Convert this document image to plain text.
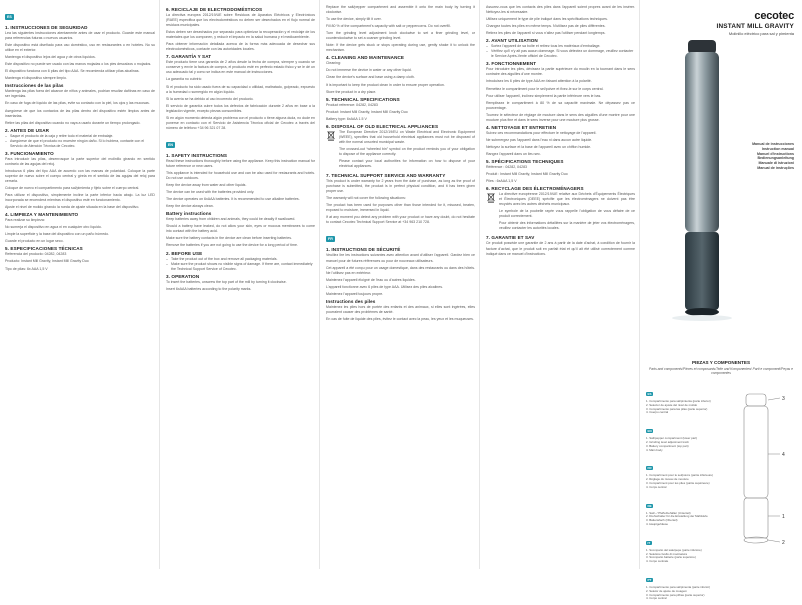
ES
1. INSTRUCCIONES DE SEGURIDAD

Lea las siguientes instrucciones atentamente antes de usar el producto. Guarde este manual para referencias futuras o nuevos usuarios.

Este dispositivo está diseñado para uso doméstico, uso en restaurantes o en hoteles. No su utilice en el exterior.

Mantenga el dispositivo lejos del agua y de otros líquidos.

Este dispositivo no puede ser usado con las manos mojadas o los pies descalzos o mojados.

El dispositivo funciona con 6 pilas del tipo AAA. Se recomienda utilizar pilas alcalinas.

Mantenga el dispositivo siempre limpio.

Instrucciones de las pilas

Mantenga las pilas fuera del alcance de niños y animales, podrían resultar dañinas en caso de ser ingeridas.

En caso de fuga de líquido de las pilas, evite su contacto con la piel, los ojos y las mucosas.

Asegúrese de que los contactos de las pilas dentro del dispositivo estén limpios antes de insertarlas.

Retire las pilas del dispositivo cuando no vaya a usarlo durante un tiempo prolongado.

2. ANTES DE USAR

– Saque el producto de la caja y retire todo el material de embalaje.

– Asegúrese de que el producto no muestre ningún daño. Si lo hubiera, contacte con el Servicio de Atención Técnica de Cecotec.

3. FUNCIONAMIENTO

Para introducir las pilas, desenrosque la parte superior del molinillo girando en sentido contrario de las agujas del reloj.

Introduzca 6 pilas del tipo AAA de acuerdo con las marcas de polaridad. Coloque la parte superior de nuevo sobre el cuerpo central y gírela en el sentido de las agujas del reloj para cerrarla.

Coloque de nuevo el compartimento para sal/pimienta y fíjelo sobre el cuerpo central.

Para utilizar el dispositivo, simplemente incline la parte inferior hacia abajo. La luz LED incorporada se encenderá mientras el dispositivo esté en funcionamiento.

Ajuste el nivel de molido girando la rueda de ajuste situada en la base del dispositivo.

4. LIMPIEZA Y MANTENIMIENTO

Para realizar su limpieza:

No sumerja el dispositivo en agua ni en cualquier otro líquido.

Limpie la superficie y la base del dispositivo con un paño húmedo.

Guarde el producto en un lugar seco.

5. ESPECIFICACIONES TÉCNICAS

Referencia del producto: 04282, 04283

Producto: Instant Mill Gravity, Instant Mill Gravity Duo

Tipo de pilas: 6x AAA 1,5 V

6. RECICLAJE DE ELECTRODOMÉSTICOS

La directiva europea 2012/19/UE sobre Residuos de Aparatos Eléctricos y Electrónicos (RAEE) especifica que los electrodomésticos no deben ser desechados en el flujo normal de residuos municipales.

Estos deben ser desechados por separado para optimizar la recuperación y el reciclaje de los materiales que los componen, y reducir el impacto en la salud humana y el medioambiente.

Para obtener información detallada acerca de la forma más adecuada de desechar sus electrodomésticos, contacte con las autoridades locales.

7. GARANTÍA Y SAT

Este producto tiene una garantía de 2 años desde la fecha de compra, siempre y cuando se conserve y envíe la factura de compra, el producto esté en perfecto estado físico y se le dé un uso adecuado tal y como se indica en este manual de instrucciones.

La garantía no cubrirá:

Si el producto ha sido usado fuera de su capacidad o utilidad, maltratado, golpeado, expuesto a la humedad o sumergido en algún líquido.

Si la avería se ha debido al uso incorrecto del producto.

El servicio de garantía cubre todos los defectos de fabricación durante 2 años en base a la legislación vigente, excepto piezas consumibles.

Si en algún momento detecta algún problema con el producto o tiene alguna duda, no dude en ponerse en contacto con el Servicio de Asistencia Técnica oficial de Cecotec a través del número de teléfono +34 96 321 07 28.

EN
1. SAFETY INSTRUCTIONS

Read these instructions thoroughly before using the appliance. Keep this instruction manual for future reference or new users.

This appliance is intended for household use and can be also used for restaurants and hotels. Do not use outdoors.

Keep the device away from water and other liquids.

The device can be used with the batteries provided only.

The device operates on 6xAAA batteries. It is recommended to use alkaline batteries.

Keep the device always clean.

Battery instructions

Keep batteries away from children and animals, they could be deadly if swallowed.

Should a battery have leaked, do not allow your skin, eyes or mucous membranes to come into contact with the battery acid.

Make sure the battery contacts in the device are clean before inserting batteries.

Remove the batteries if you are not going to use the device for a long period of time.

2. BEFORE USE

– Take the product out of the box and remove all packaging materials.

– Make sure the product shows no visible signs of damage. If there are, contact immediately the Technical Support Service of Cecotec.

3. OPERATION

To insert the batteries, unscrew the top part of the mill by turning it clockwise.

Insert 6xAAA batteries according to the polarity marks.

Replace the salt/pepper compartment and assemble it onto the main body by turning it clockwise.

To use the device, simply tilt it over.

Fill 80 % of the compartment's capacity with salt or peppercorns. Do not overfill.

Turn the grinding level adjustment knob clockwise to set a finer grinding level, or counterclockwise to set a coarser grinding level.

Note: If the device gets stuck or stops operating during use, gently shake it to unlock the mechanism.

4. CLEANING AND MAINTENANCE

Cleaning:

Do not immerse the device in water or any other liquid.

Clean the device's surface and base using a damp cloth.

It is important to keep the product clean in order to ensure proper operation.

Store the product in a dry place.

5. TECHNICAL SPECIFICATIONS

Product reference: 04282, 04283

Product: Instant Mill Gravity, Instant Mill Gravity Duo

Battery type: 6xAAA 1.5 V

6. DISPOSAL OF OLD ELECTRICAL APPLIANCES

The European Directive 2012/19/EU on Waste Electrical and Electronic Equipment (WEEE), specifies that old household electrical appliances must not be disposed of with the normal unsorted municipal waste.

The crossed-out “wheeled bin” symbol on the product reminds you of your obligation to dispose of the appliance correctly.

Please contact your local authorities for information on how to dispose of your electrical appliances.

7. TECHNICAL SUPPORT SERVICE AND WARRANTY

This product is under warranty for 2 years from the date of purchase, as long as the proof of purchase is submitted, the product is in perfect physical condition, and it has been given proper use.

The warranty will not cover the following situations:

The product has been used for purposes other than those intended for it, misused, beaten, exposed to moisture, immersed in liquid.

If at any moment you detect any problem with your product or have any doubt, do not hesitate to contact Cecotec Technical Support Service at +34 963 210 728.

FR
1. INSTRUCTIONS DE SÉCURITÉ

Veuillez lire les instructions suivantes avec attention avant d'utiliser l'appareil. Gardez bien ce manuel pour de futures références ou pour de nouveaux utilisateurs.

Cet appareil a été conçu pour un usage domestique, dans des restaurants ou dans des hôtels. Ne l'utilisez pas en extérieur.

Maintenez l'appareil éloigné de l'eau ou d'autres liquides.

L'appareil fonctionne avec 6 piles de type AAA. Utilisez des piles alcalines.

Maintenez l'appareil toujours propre.

Instructions des piles

Maintenez les piles hors de portée des enfants et des animaux, si elles sont ingérées, elles pourraient causer des problèmes de santé.

En cas de fuite de liquide des piles, évitez le contact avec la peau, les yeux et les muqueuses.

Assurez-vous que les contacts des piles dans l'appareil soient propres avant de les insérer. Nettoyez-les si nécessaire.

Utilisez uniquement le type de pile indiqué dans les spécifications techniques.

Changez toutes les piles en même temps. N'utilisez pas de piles différentes.

Retirez les piles de l'appareil si vous n'allez pas l'utiliser pendant longtemps.

2. AVANT UTILISATION

– Sortez l'appareil de sa boîte et retirez tous les matériaux d'emballage.

– Vérifiez qu'il n'y ait pas aucun dommage. Si vous détectez un dommage, veuillez contacter le Service Après-Vente officiel de Cecotec.

3. FONCTIONNEMENT

Pour introduire les piles, dévissez la partie supérieure du moulin en la tournant dans le sens contraire des aiguilles d'une montre.

Introduisez les 6 piles de type AAA en faisant attention à la polarité.

Remettez le compartiment pour le sel/poivre et fixez-le sur le corps central.

Pour utiliser l'appareil, inclinez simplement la partie inférieure vers le bas.

Remplissez le compartiment à 80 % de sa capacité maximale. Ne dépassez pas ce pourcentage.

Tournez le sélecteur de réglage de mouture dans le sens des aiguilles d'une montre pour une mouture plus fine et dans le sens inverse pour une mouture plus grosse.

4. NETTOYAGE ET ENTRETIEN

Suivez ces recommandations pour effectuer le nettoyage de l'appareil.

Ne submergez pas l'appareil dans l'eau ni dans aucun autre liquide.

Nettoyez la surface et la base de l'appareil avec un chiffon humide.

Rangez l'appareil dans un lieu sec.

5. SPÉCIFICATIONS TECHNIQUES

Référence : 04282, 04283

Produit : Instant Mill Gravity, Instant Mill Gravity Duo

Piles : 6xAAA 1,5 V

6. RECYCLAGE DES ÉLECTROMÉNAGERS

La directive européenne 2012/19/UE relative aux Déchets d'Équipements Électriques et Électroniques (DEEE) spécifie que les électroménagers ne doivent pas être recyclés avec les autres déchets municipaux.

Le symbole de la poubelle rayée vous rappelle l'obligation de vous défaire de ce produit correctement.

Pour obtenir des informations détaillées sur la manière de jeter vos électroménagers, veuillez contacter les autorités locales.

7. GARANTIE ET SAV

Ce produit possède une garantie de 2 ans à partir de la date d'achat, à condition de fournir la facture d'achat, que le produit soit en parfait état et qu'il ait été utilisé correctement comme indiqué dans ce manuel d'instructions.

cecotec
INSTANT MILL GRAVITY
Molinillo eléctrico para sal y pimienta
Manual de instrucciones
Instruction manual
Manuel d'instructions
Bedienungsanleitung
Manuale di istruzioni
Manual de instruções
PIEZAS Y COMPONENTES
Parts and components/Pièces et composants/Teile und Komponenten/ Parti e componenti/Peças e componentes
ES

1. Compartimento para sal/pimienta (parte inferior)

2. Selector de ajuste del nivel de molido

3. Compartimento para las pilas (parte superior)

4. Cuerpo central

EN

1. Salt/pepper compartment (lower part)

2. Grinding level adjustment knob

3. Battery compartment (top part)

4. Main body

FR

1. Compartiment pour le sel/poivre (partie inférieure)

2. Réglage du niveau de mouture

3. Compartiment pour les piles (partie supérieure)

4. Corps central

DE

1. Salz- / Pfefferbehälter (Unterteil)

2. Drehschalter für die Einstellung der Mahlstufe

3. Batteriefach (Oberteil)

4. Hauptgehäuse

IT

1. Scomparto del sale/pepe (parte inferiore)

2. Selettore livello di macinatura

3. Scomparto batterie (parte superiore)

4. Corpo centrale

PT

1. Compartimento para sal/pimenta (parte inferior)

2. Seletor de ajuste de moagem

3. Compartimento para pilhas (parte superior)

4. Corpo central

3
4
1
2
